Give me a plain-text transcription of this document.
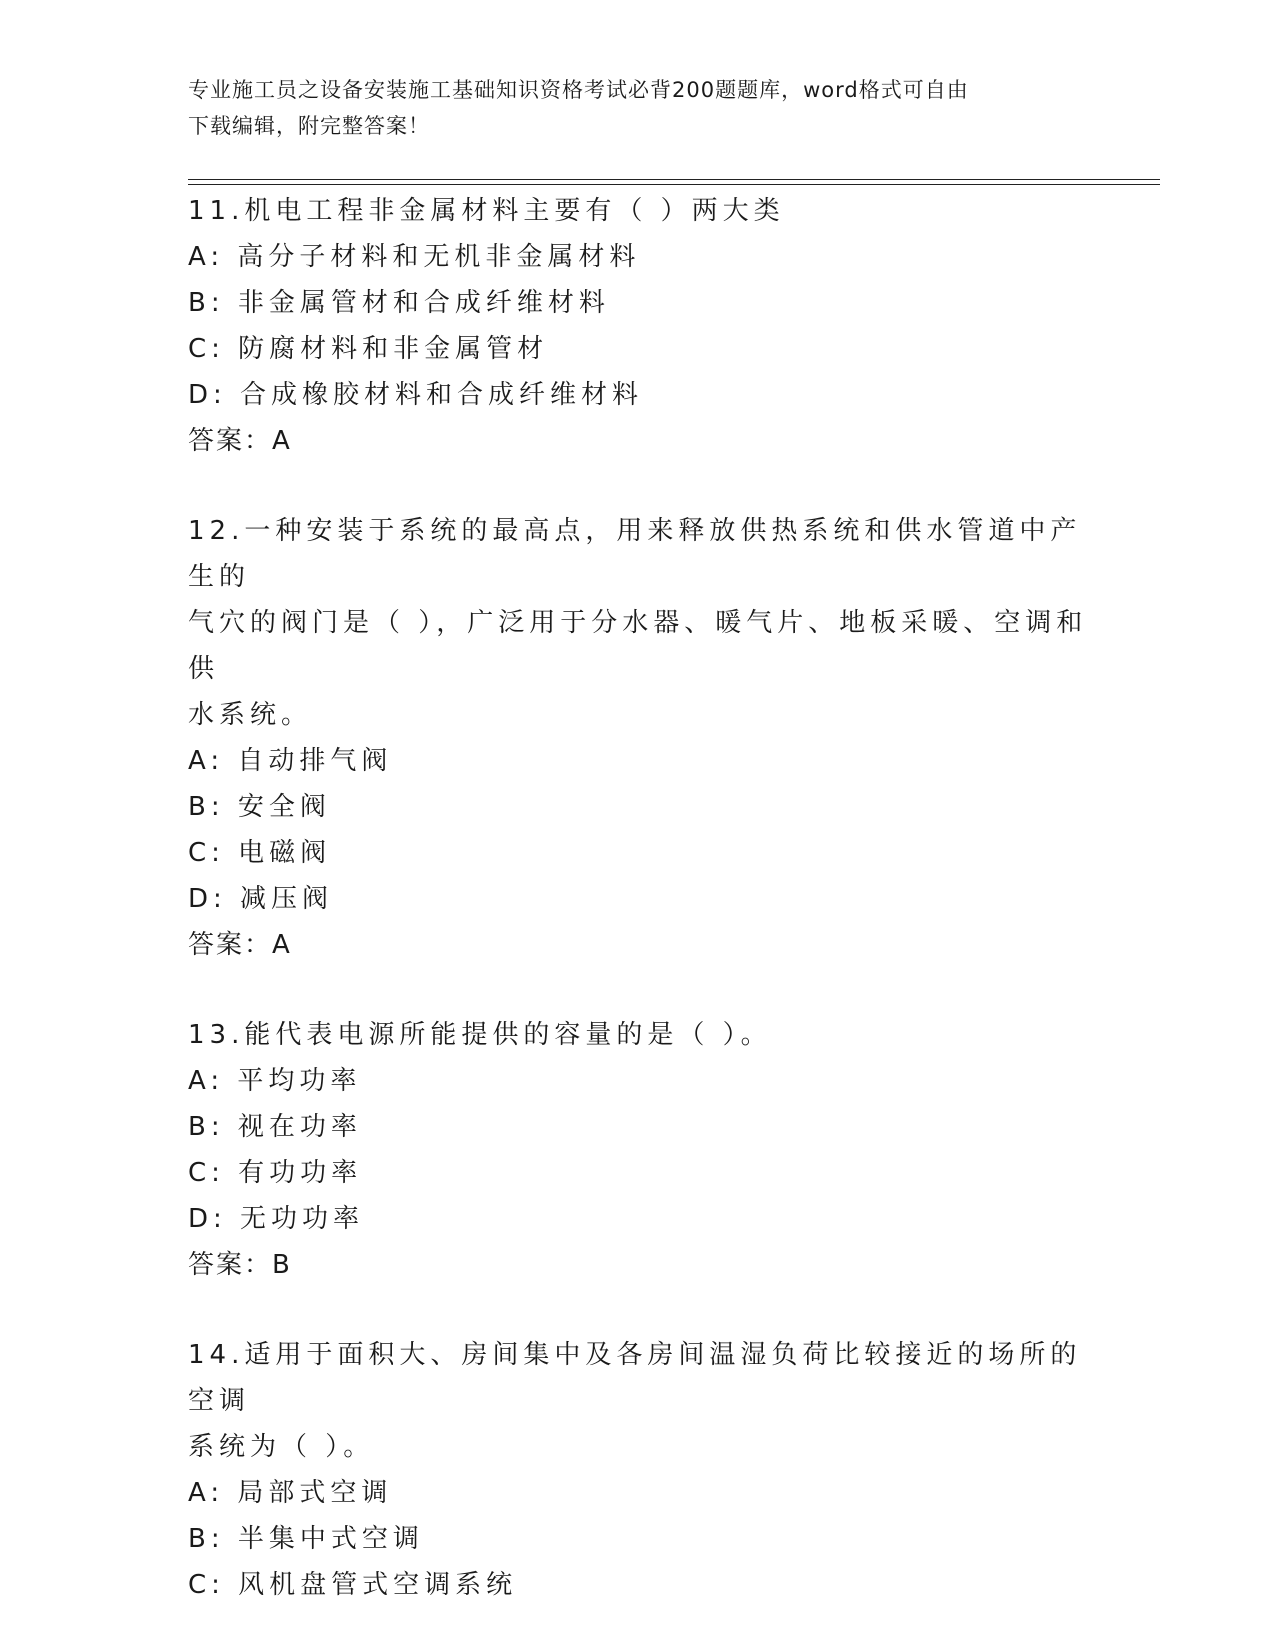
专业施工员之设备安装施工基础知识资格考试必背200题题库，word格式可自由
下载编辑，附完整答案！
11.机电工程非金属材料主要有（ ）两大类
A: 高分子材料和无机非金属材料
B: 非金属管材和合成纤维材料
C: 防腐材料和非金属管材
D: 合成橡胶材料和合成纤维材料
答案：A
12.一种安装于系统的最高点，用来释放供热系统和供水管道中产生的
气穴的阀门是（ ），广泛用于分水器、暖气片、地板采暖、空调和供
水系统。
A: 自动排气阀
B: 安全阀
C: 电磁阀
D: 减压阀
答案：A
13.能代表电源所能提供的容量的是（ ）。
A: 平均功率
B: 视在功率
C: 有功功率
D: 无功功率
答案：B
14.适用于面积大、房间集中及各房间温湿负荷比较接近的场所的空调
系统为（ ）。
A: 局部式空调
B: 半集中式空调
C: 风机盘管式空调系统
